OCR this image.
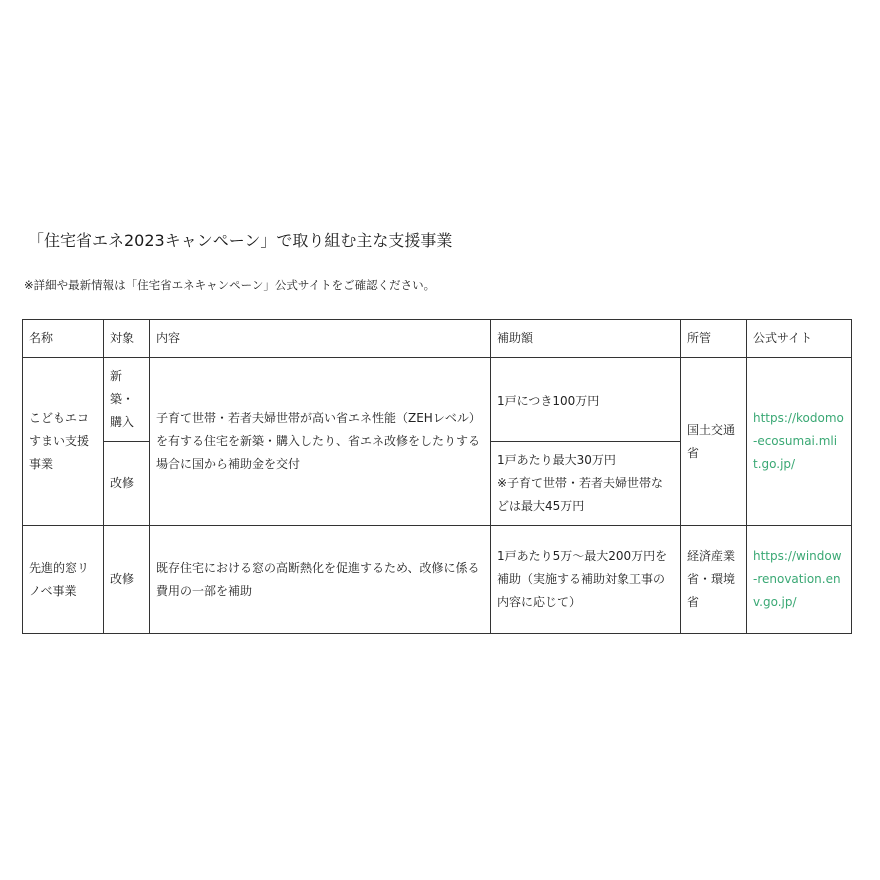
「住宅省エネ2023キャンペーン」で取り組む主な支援事業
※詳細や最新情報は「住宅省エネキャンペーン」公式サイトをご確認ください。
名称	対象	内容	補助額	所管	公式サイト
こどもエコすまい支援事業	新築・購入	子育て世帯・若者夫婦世帯が高い省エネ性能（ZEHレベル）を有する住宅を新築・購入したり、省エネ改修をしたりする場合に国から補助金を交付	1戸につき100万円	国土交通省	https://kodomo-ecosumai.mlit.go.jp/
	改修		1戸あたり最大30万円
※子育て世帯・若者夫婦世帯などは最大45万円		
先進的窓リノベ事業	改修	既存住宅における窓の高断熱化を促進するため、改修に係る費用の一部を補助	1戸あたり5万～最大200万円を補助（実施する補助対象工事の内容に応じて）	経済産業省・環境省	https://window-renovation.env.go.jp/
